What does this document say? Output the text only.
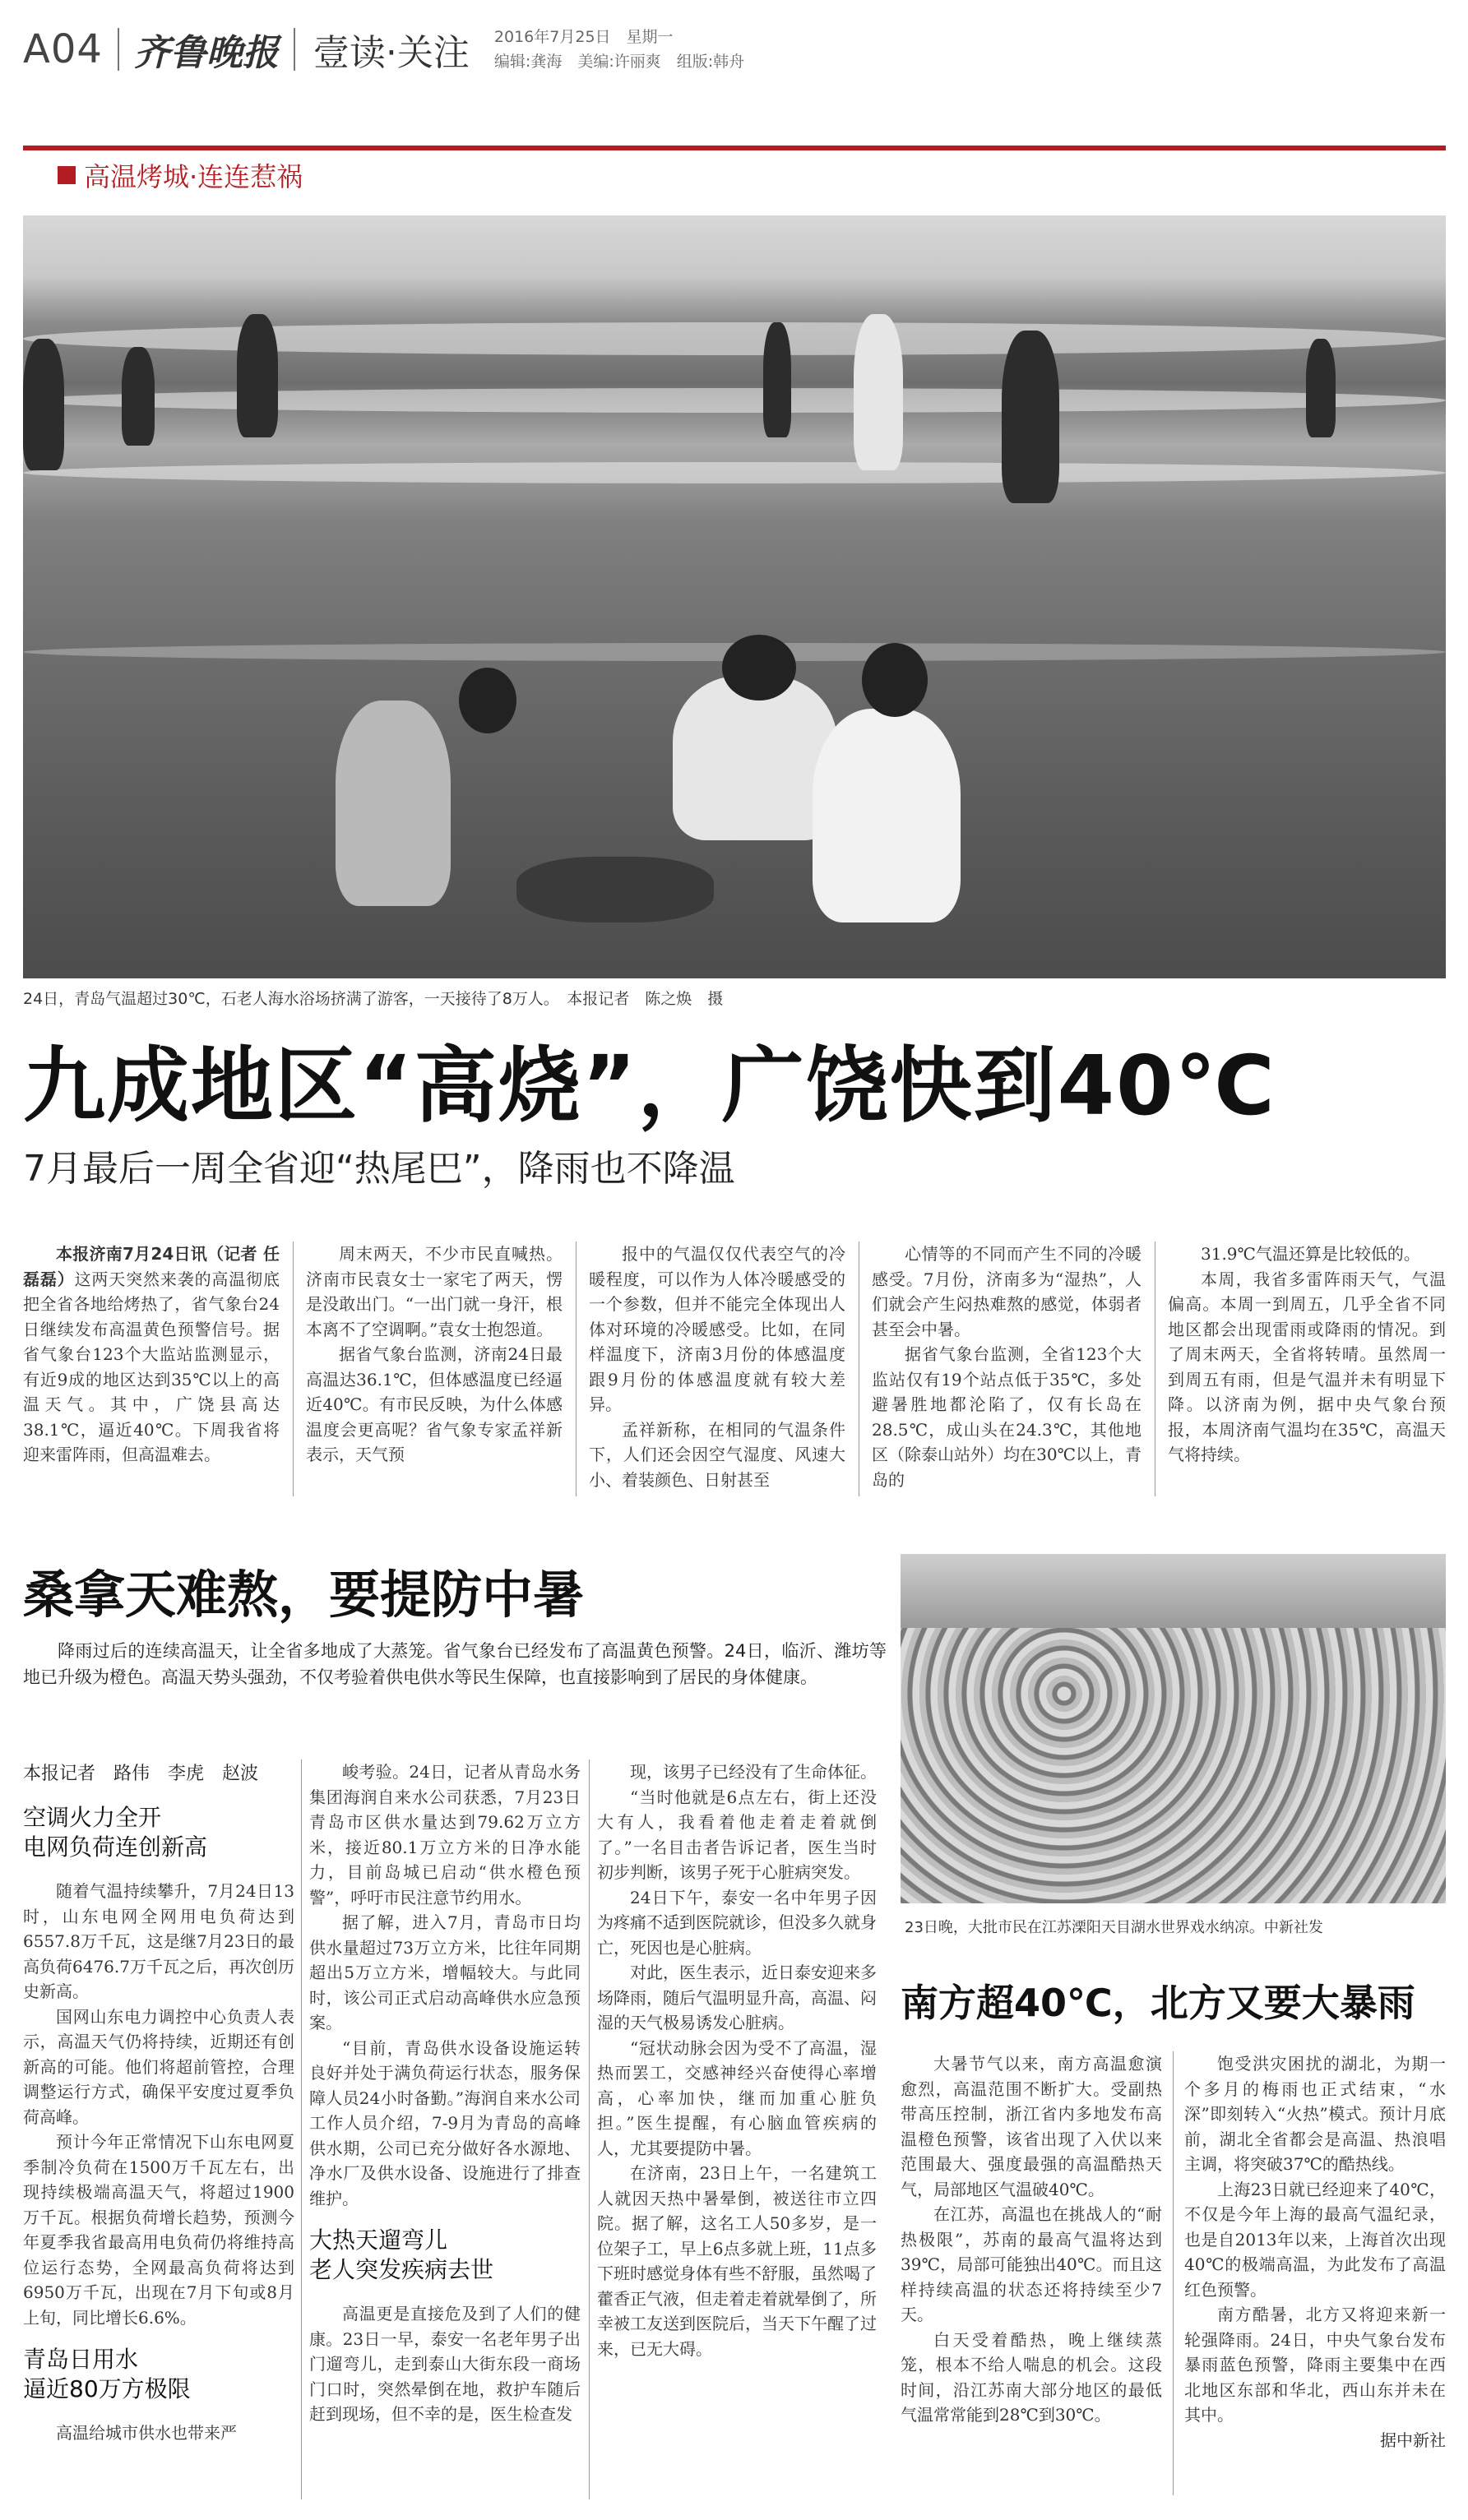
A04 齐鲁晚报 壹读·关注 2016年7月25日　星期一
编辑:龚海　美编:许丽爽　组版:韩舟
高温烤城·连连惹祸
24日，青岛气温超过30℃，石老人海水浴场挤满了游客，一天接待了8万人。　本报记者　陈之焕　摄
九成地区“高烧”，广饶快到40℃
7月最后一周全省迎“热尾巴”，降雨也不降温

本报济南7月24日讯（记者 任磊磊）这两天突然来袭的高温彻底把全省各地给烤热了，省气象台24日继续发布高温黄色预警信号。据省气象台123个大监站监测显示，有近9成的地区达到35℃以上的高温天气。其中，广饶县高达38.1℃，逼近40℃。下周我省将迎来雷阵雨，但高温难去。

周末两天，不少市民直喊热。济南市民袁女士一家宅了两天，愣是没敢出门。“一出门就一身汗，根本离不了空调啊。”袁女士抱怨道。

据省气象台监测，济南24日最高温达36.1℃，但体感温度已经逼近40℃。有市民反映，为什么体感温度会更高呢？省气象专家孟祥新表示，天气预

报中的气温仅仅代表空气的冷暖程度，可以作为人体冷暖感受的一个参数，但并不能完全体现出人体对环境的冷暖感受。比如，在同样温度下，济南3月份的体感温度跟9月份的体感温度就有较大差异。

孟祥新称，在相同的气温条件下，人们还会因空气湿度、风速大小、着装颜色、日射甚至

心情等的不同而产生不同的冷暖感受。7月份，济南多为“湿热”，人们就会产生闷热难熬的感觉，体弱者甚至会中暑。

据省气象台监测，全省123个大监站仅有19个站点低于35℃，多处避暑胜地都沦陷了，仅有长岛在28.5℃，成山头在24.3℃，其他地区（除泰山站外）均在30℃以上，青岛的

31.9℃气温还算是比较低的。

本周，我省多雷阵雨天气，气温偏高。本周一到周五，几乎全省不同地区都会出现雷雨或降雨的情况。到了周末两天，全省将转晴。虽然周一到周五有雨，但是气温并未有明显下降。以济南为例，据中央气象台预报，本周济南气温均在35℃，高温天气将持续。

桑拿天难熬，要提防中暑
降雨过后的连续高温天，让全省多地成了大蒸笼。省气象台已经发布了高温黄色预警。24日，临沂、潍坊等地已升级为橙色。高温天势头强劲，不仅考验着供电供水等民生保障，也直接影响到了居民的身体健康。
本报记者　路伟　李虎　赵波
空调火力全开
电网负荷连创新高

随着气温持续攀升，7月24日13时，山东电网全网用电负荷达到6557.8万千瓦，这是继7月23日的最高负荷6476.7万千瓦之后，再次创历史新高。

国网山东电力调控中心负责人表示，高温天气仍将持续，近期还有创新高的可能。他们将超前管控，合理调整运行方式，确保平安度过夏季负荷高峰。

预计今年正常情况下山东电网夏季制冷负荷在1500万千瓦左右，出现持续极端高温天气，将超过1900万千瓦。根据负荷增长趋势，预测今年夏季我省最高用电负荷仍将维持高位运行态势，全网最高负荷将达到6950万千瓦，出现在7月下旬或8月上旬，同比增长6.6%。

青岛日用水
逼近80万方极限

高温给城市供水也带来严

峻考验。24日，记者从青岛水务集团海润自来水公司获悉，7月23日青岛市区供水量达到79.62万立方米，接近80.1万立方米的日净水能力，目前岛城已启动“供水橙色预警”，呼吁市民注意节约用水。

据了解，进入7月，青岛市日均供水量超过73万立方米，比往年同期超出5万立方米，增幅较大。与此同时，该公司正式启动高峰供水应急预案。

“目前，青岛供水设备设施运转良好并处于满负荷运行状态，服务保障人员24小时备勤。”海润自来水公司工作人员介绍，7-9月为青岛的高峰供水期，公司已充分做好各水源地、净水厂及供水设备、设施进行了排查维护。

大热天遛弯儿
老人突发疾病去世

高温更是直接危及到了人们的健康。23日一早，泰安一名老年男子出门遛弯儿，走到泰山大街东段一商场门口时，突然晕倒在地，救护车随后赶到现场，但不幸的是，医生检查发

现，该男子已经没有了生命体征。

“当时他就是6点左右，街上还没大有人，我看着他走着走着就倒了。”一名目击者告诉记者，医生当时初步判断，该男子死于心脏病突发。

24日下午，泰安一名中年男子因为疼痛不适到医院就诊，但没多久就身亡，死因也是心脏病。

对此，医生表示，近日泰安迎来多场降雨，随后气温明显升高，高温、闷湿的天气极易诱发心脏病。

“冠状动脉会因为受不了高温，湿热而罢工，交感神经兴奋使得心率增高，心率加快，继而加重心脏负担。”医生提醒，有心脑血管疾病的人，尤其要提防中暑。

在济南，23日上午，一名建筑工人就因天热中暑晕倒，被送往市立四院。据了解，这名工人50多岁，是一位架子工，早上6点多就上班，11点多下班时感觉身体有些不舒服，虽然喝了藿香正气液，但走着走着就晕倒了，所幸被工友送到医院后，当天下午醒了过来，已无大碍。

23日晚，大批市民在江苏溧阳天目湖水世界戏水纳凉。中新社发
南方超40℃，北方又要大暴雨

大暑节气以来，南方高温愈演愈烈，高温范围不断扩大。受副热带高压控制，浙江省内多地发布高温橙色预警，该省出现了入伏以来范围最大、强度最强的高温酷热天气，局部地区气温破40℃。

在江苏，高温也在挑战人的“耐热极限”，苏南的最高气温将达到39℃，局部可能独出40℃。而且这样持续高温的状态还将持续至少7天。

白天受着酷热，晚上继续蒸笼，根本不给人喘息的机会。这段时间，沿江苏南大部分地区的最低气温常常能到28℃到30℃。

饱受洪灾困扰的湖北，为期一个多月的梅雨也正式结束，“水深”即刻转入“火热”模式。预计月底前，湖北全省都会是高温、热浪唱主调，将突破37℃的酷热线。

上海23日就已经迎来了40℃，不仅是今年上海的最高气温纪录，也是自2013年以来，上海首次出现40℃的极端高温，为此发布了高温红色预警。

南方酷暑，北方又将迎来新一轮强降雨。24日，中央气象台发布暴雨蓝色预警，降雨主要集中在西北地区东部和华北，西山东并未在其中。

据中新社
